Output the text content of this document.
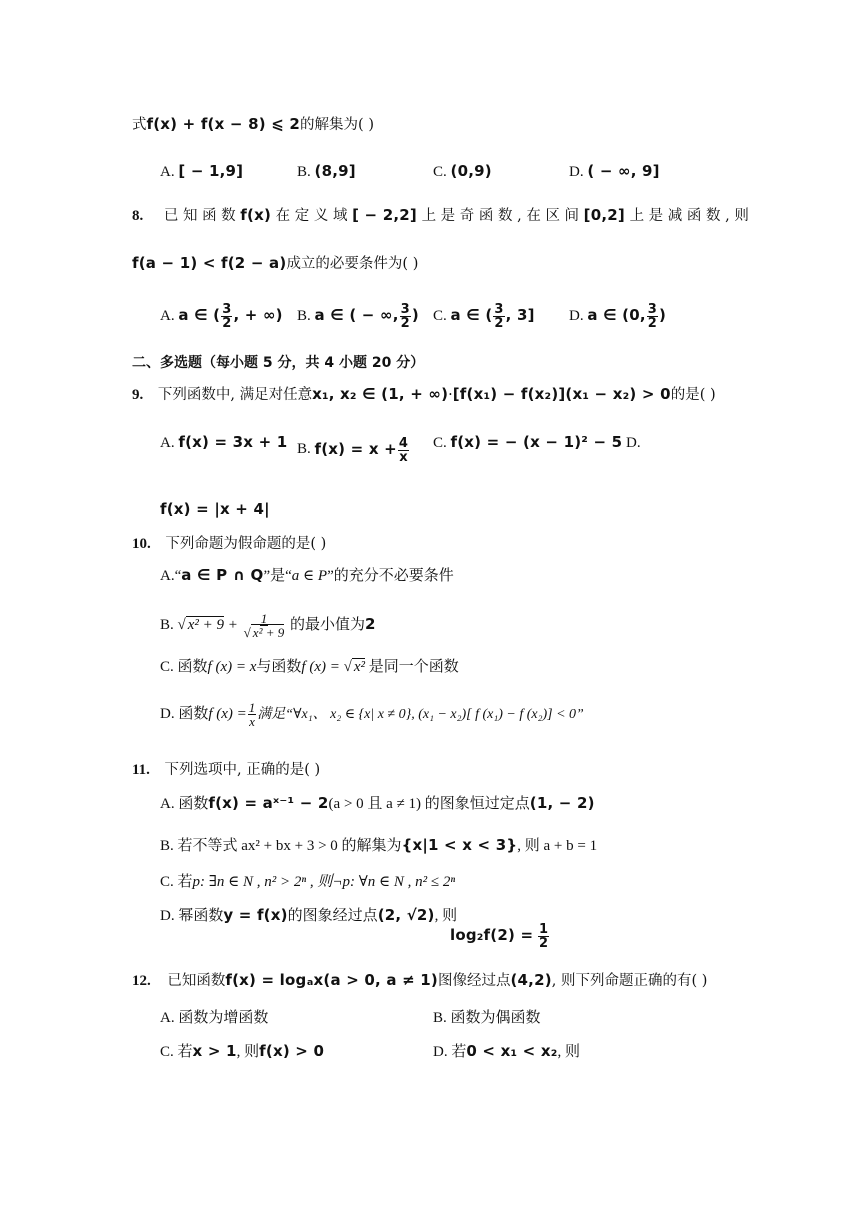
式f(x) + f(x − 8) ⩽ 2的解集为( )
A. [ − 1,9]	B. (8,9]	C. (0,9)	D. ( − ∞, 9]
8. 已 知 函 数 f(x) 在 定 义 域 [ − 2,2] 上 是 奇 函 数 , 在 区 间 [0,2] 上 是 减 函 数 , 则
f(a − 1) < f(2 − a)成立的必要条件为( )
A. a ∈ ( $\frac{3}{2}$ , + ∞) B. a ∈ ( − ∞, $\frac{3}{2}$ ) C. a ∈ ( $\frac{3}{2}$ , 3] D. a ∈ (0, $\frac{3}{2}$ )
二、多选题（每小题 5 分，共 4 小题 20 分）
9. 下列函数中, 满足对任意x₁, x₂ ∈ (1, + ∞)·[f(x₁) − f(x₂)](x₁ − x₂) > 0的是( )
A. f(x) = 3x + 1 B. $f(x) = x + \frac{4}{x} C$. f(x) = − (x − 1)² − 5 D.
f(x) = |x + 4|
10. 下列命题为假命题的是( )
A.“a ∈ P ∩ Q”是“a ∈ P”的充分不必要条件
B. √ $x^2 + 9 + \frac{1}{\text{√ x² + 9}}$ 的最小值为2
C. 函数f (x) = x与函数f (x) = √ x² 是同一个函数
D. 函数f $(x) = \frac{1}{x}$ 满足“∀x₁、 x₂ ∈ {x| x ≠ 0}, (x₁ − x₂)[ f (x₁) − f (x₂)] < 0”
11. 下列选项中, 正确的是( )
A. 函数f(x) = aˣ⁻¹ − 2(a > 0 且 a ≠ 1) 的图象恒过定点(1, − 2)
B. 若不等式 ax² + bx + 3 > 0 的解集为{x|1 < x < 3}, 则 a + b = 1
C. 若p: ∃n ∈ N , n² > 2ⁿ , 则¬p: ∀n ∈ N , n² ≤ 2ⁿ
D. 幂函数y = f(x)的图象经过点(2, √2), 则
$\log_2f(2) = \frac{1}{2}$
12. 已知函数f(x) = logₐx(a > 0, a ≠ 1)图像经过点(4,2), 则下列命题正确的有( )
A. 函数为增函数	B. 函数为偶函数
C. 若x > 1, 则f(x) > 0	D. 若0 < x₁ < x₂, 则
